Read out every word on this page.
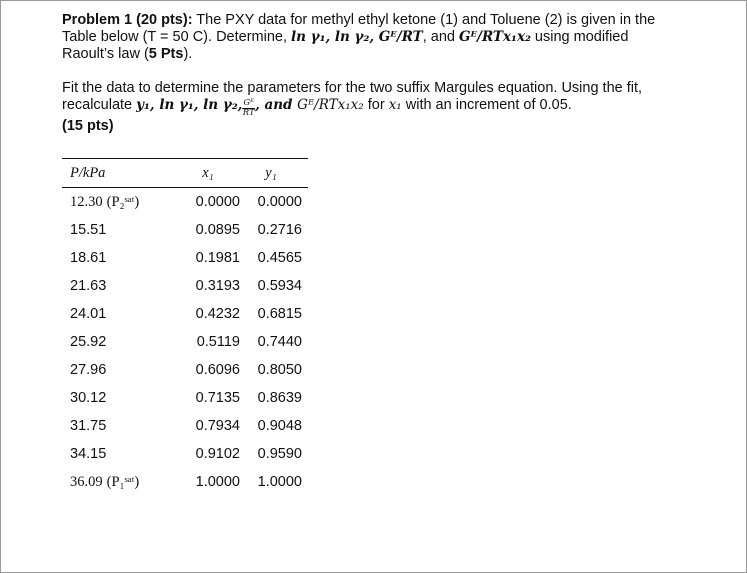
Problem 1 (20 pts): The PXY data for methyl ethyl ketone (1) and Toluene (2) is given in the Table below (T = 50 C). Determine, ln γ₁, ln γ₂, Gᴱ/RT, and Gᴱ/RTx₁x₂ using modified Raoult’s law (5 Pts).

Fit the data to determine the parameters for the two suffix Margules equation. Using the fit, recalculate y₁, ln γ₁, ln γ₂, $\frac{\text{Gᴱ}}{RT}$ , and Gᴱ/RTx₁x₂ for x₁ with an increment of 0.05.
(15 pts)

P/kPa	x₁	y₁
12.30 (P₂ˢᵃᵗ)	0.0000	0.0000
15.51	0.0895	0.2716
18.61	0.1981	0.4565
21.63	0.3193	0.5934
24.01	0.4232	0.6815
25.92	0.5119	0.7440
27.96	0.6096	0.8050
30.12	0.7135	0.8639
31.75	0.7934	0.9048
34.15	0.9102	0.9590
36.09 (P₁ˢᵃᵗ)	1.0000	1.0000
